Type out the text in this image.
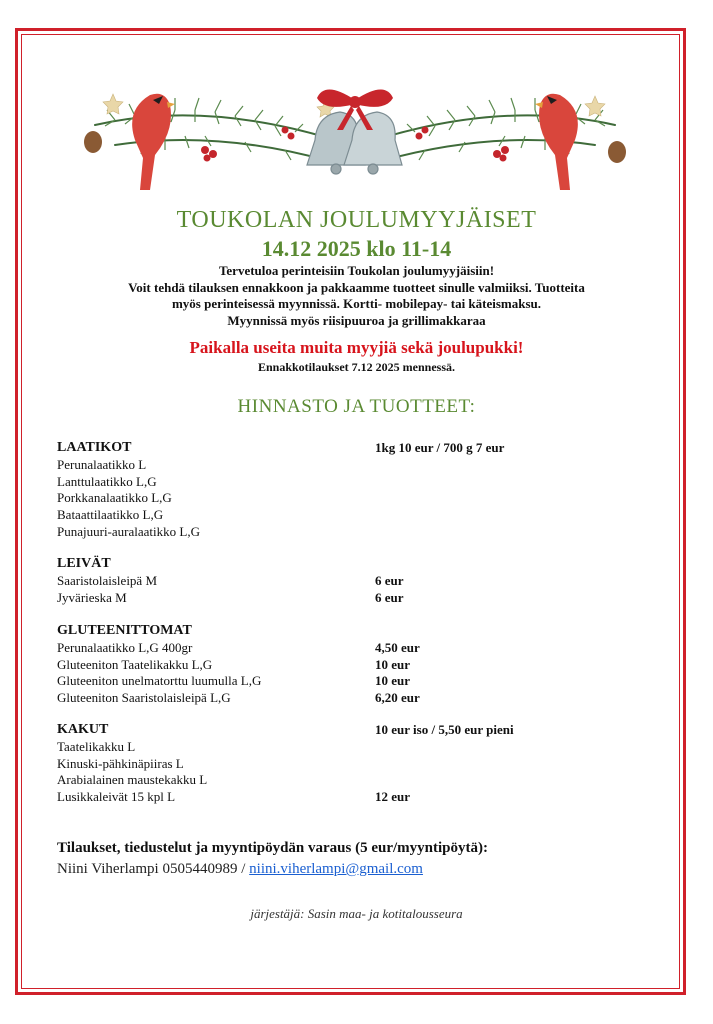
TOUKOLAN JOULUMYYJÄISET
14.12 2025 klo 11-14
Tervetuloa perinteisiin Toukolan joulumyyjäisiin!
Voit tehdä tilauksen ennakkoon ja pakkaamme tuotteet sinulle valmiiksi. Tuotteita
myös perinteisessä myynnissä. Kortti- mobilepay- tai käteismaksu.
Myynnissä myös riisipuuroa ja grillimakkaraa
Paikalla useita muita myyjiä sekä joulupukki!
Ennakkotilaukset 7.12 2025 mennessä.
HINNASTO JA TUOTTEET:
LAATIKOT	1kg 10 eur / 700 g 7 eur
Perunalaatikko L
Lanttulaatikko L,G
Porkkanalaatikko L,G
Bataattilaatikko L,G
Punajuuri-auralaatikko L,G
LEIVÄT
Saaristolaisleipä M	6 eur
Jyvärieska M	6 eur
GLUTEENITTOMAT
Perunalaatikko L,G 400gr	4,50 eur
Gluteeniton Taatelikakku L,G	10 eur
Gluteeniton unelmatorttu luumulla L,G	10 eur
Gluteeniton Saaristolaisleipä L,G	6,20 eur
KAKUT	10 eur iso / 5,50 eur pieni
Taatelikakku L
Kinuski-pähkinäpiiras L
Arabialainen maustekakku L
Lusikkaleivät 15 kpl L	12 eur
Tilaukset, tiedustelut ja myyntipöydän varaus (5 eur/myyntipöytä):
Niini Viherlampi 0505440989 / niini.viherlampi@gmail.com
järjestäjä: Sasin maa- ja kotitalousseura
